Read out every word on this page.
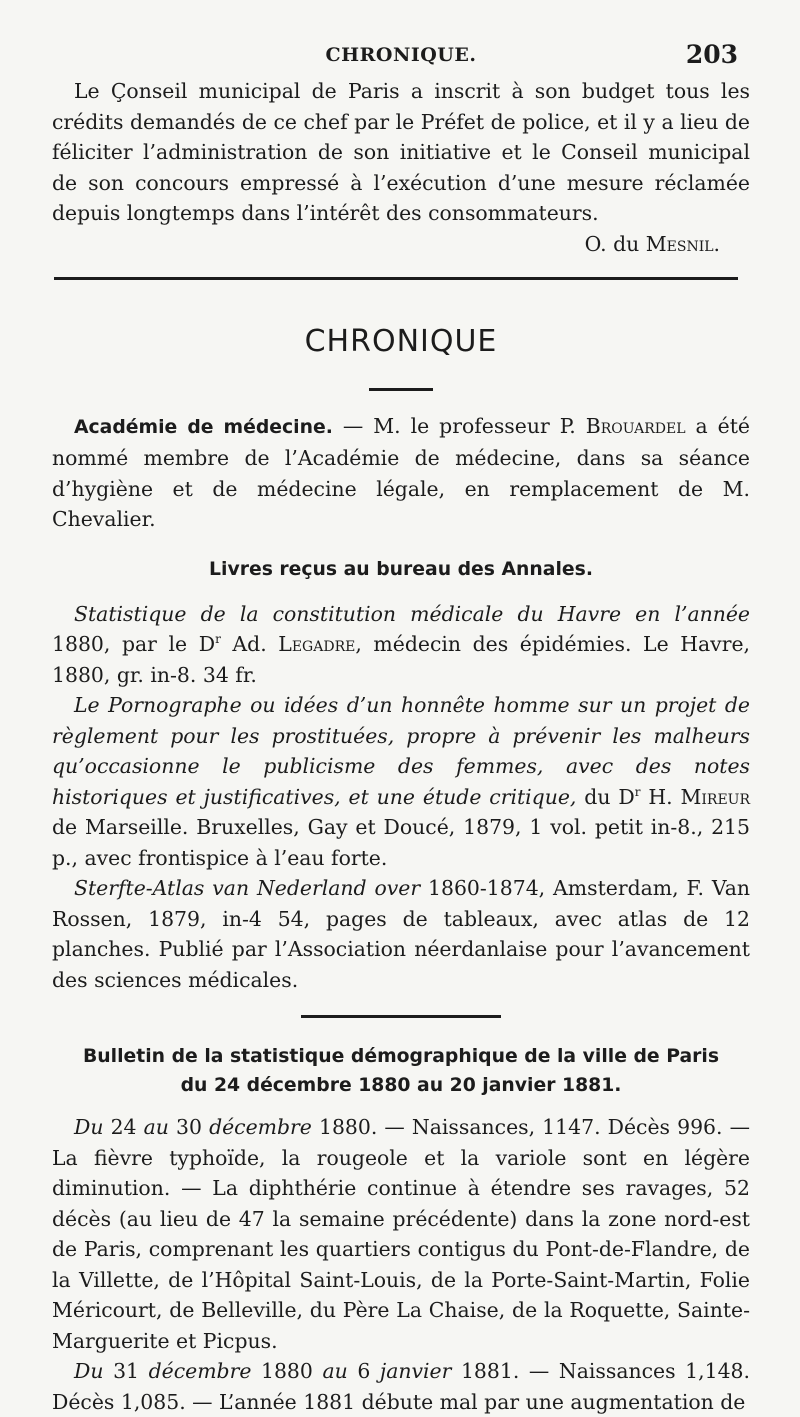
CHRONIQUE.	203

Le Çonseil municipal de Paris a inscrit à son budget tous les crédits demandés de ce chef par le Préfet de police, et il y a lieu de féliciter l’administration de son initiative et le Conseil municipal de son concours empressé à l’exécution d’une mesure réclamée depuis longtemps dans l’intérêt des consommateurs.

O. du Mesnil.
CHRONIQUE

Académie de médecine. — M. le professeur P. Brouardel a été nommé membre de l’Académie de médecine, dans sa séance d’hygiène et de médecine légale, en remplacement de M. Chevalier.

Livres reçus au bureau des Annales.

Statistique de la constitution médicale du Havre en l’année 1880, par le $D^r$ Ad. Legadre, médecin des épidémies. Le Havre, 1880, gr. in-8. 34 fr.

Le Pornographe ou idées d’un honnête homme sur un projet de règlement pour les prostituées, propre à prévenir les malheurs qu’occasionne le publicisme des femmes, avec des notes historiques et justificatives, et une étude critique, du $D^r$ H. Mireur de Marseille. Bruxelles, Gay et Doucé, 1879, 1 vol. petit in-8., 215 p., avec frontispice à l’eau forte.

Sterfte-Atlas van Nederland over 1860-1874, Amsterdam, F. Van Rossen, 1879, in-4 54, pages de tableaux, avec atlas de 12 planches. Publié par l’Association néerdanlaise pour l’avancement des sciences médicales.

Bulletin de la statistique démographique de la ville de Paris
du 24 décembre 1880 au 20 janvier 1881.

Du 24 au 30 décembre 1880. — Naissances, 1147. Décès 996. — La fièvre typhoïde, la rougeole et la variole sont en légère diminution. — La diphthérie continue à étendre ses ravages, 52 décès (au lieu de 47 la semaine précédente) dans la zone nord-est de Paris, comprenant les quartiers contigus du Pont-de-Flandre, de la Villette, de l’Hôpital Saint-Louis, de la Porte-Saint-Martin, Folie Méricourt, de Belleville, du Père La Chaise, de la Roquette, Sainte-Marguerite et Picpus.

Du 31 décembre 1880 au 6 janvier 1881. — Naissances 1,148. Décès 1,085. — L’année 1881 débute mal par une augmentation de
